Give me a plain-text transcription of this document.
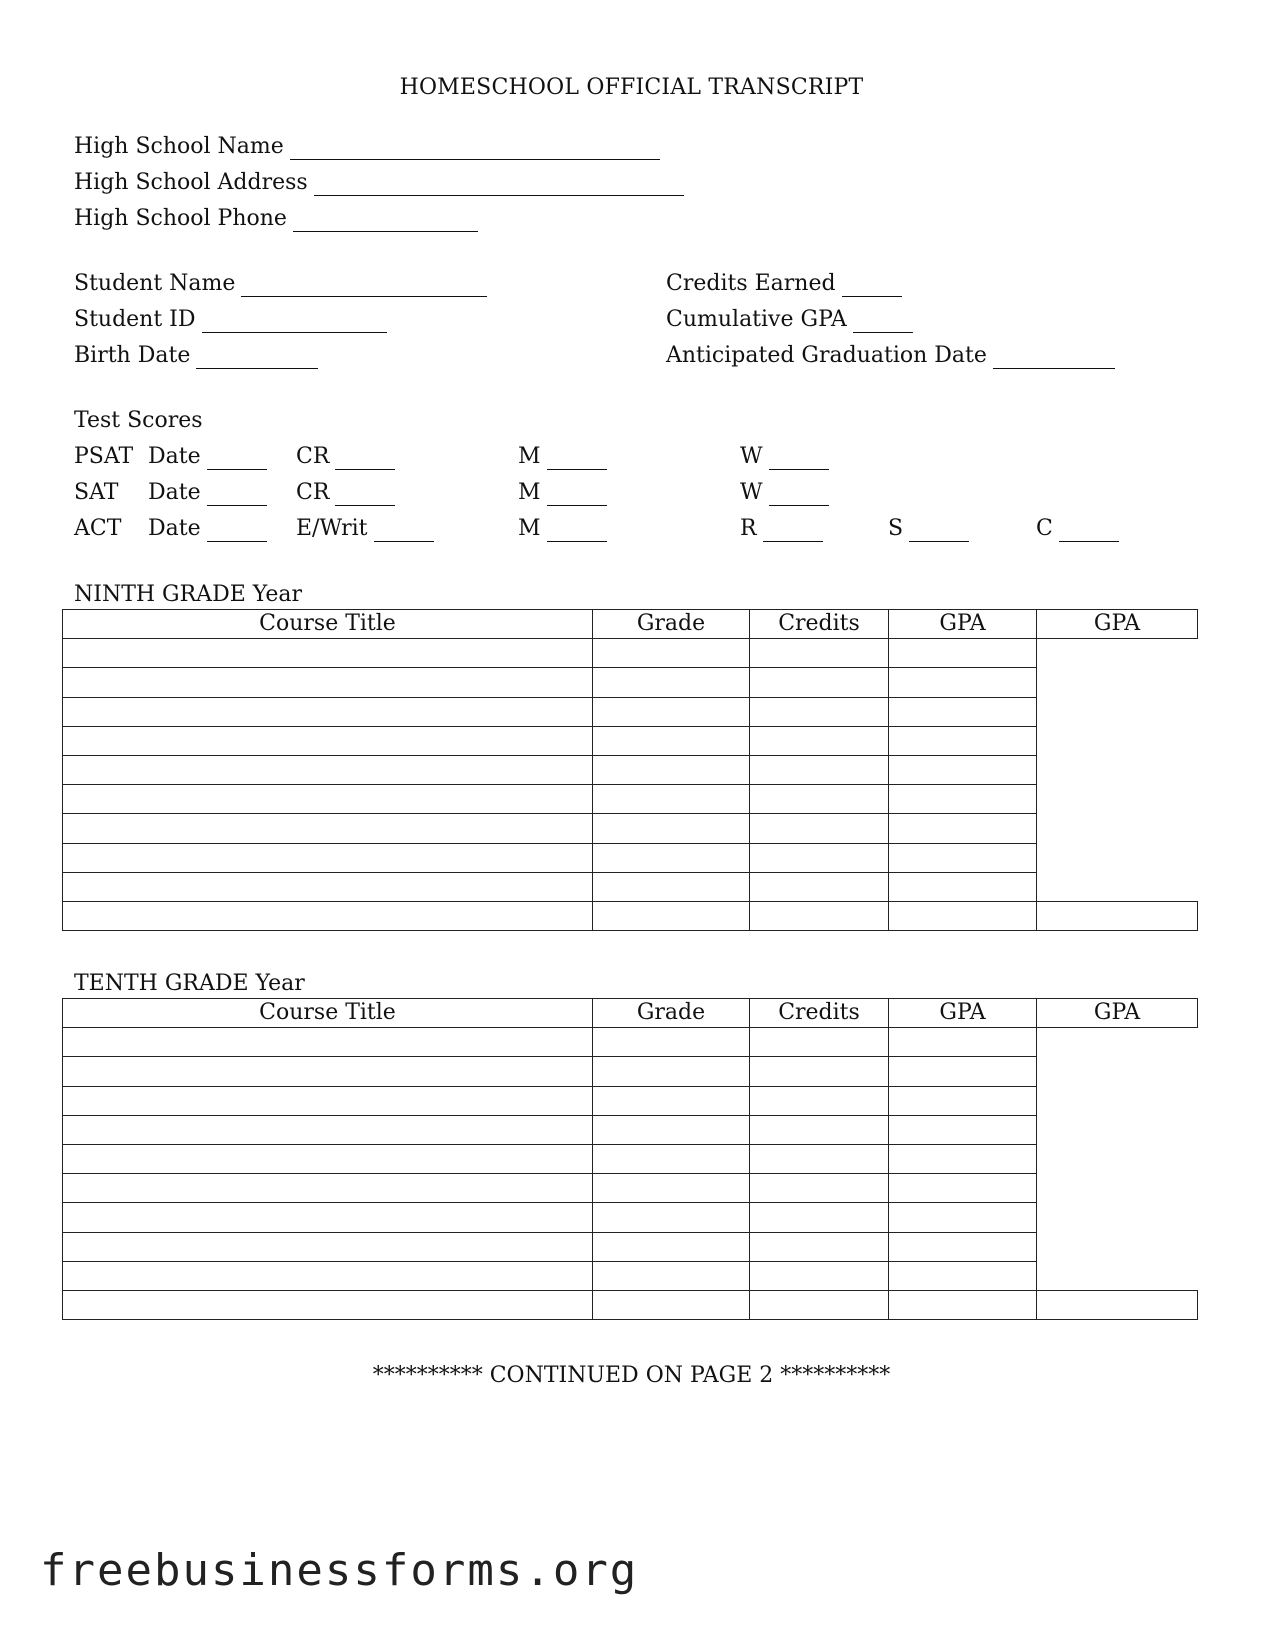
HOMESCHOOL OFFICIAL TRANSCRIPT
High School Name
High School Address
High School Phone
Student Name
Student ID
Birth Date
Credits Earned
Cumulative GPA
Anticipated Graduation Date
Test Scores
PSAT Date	CR	M	W
SAT Date	CR	M	W
ACT Date	E/Writ	M	R	S	C
NINTH GRADE Year
Course Title	Grade	Credits	GPA	GPA

TENTH GRADE Year
Course Title	Grade	Credits	GPA	GPA

********** CONTINUED ON PAGE 2 **********
freebusinessforms.org
